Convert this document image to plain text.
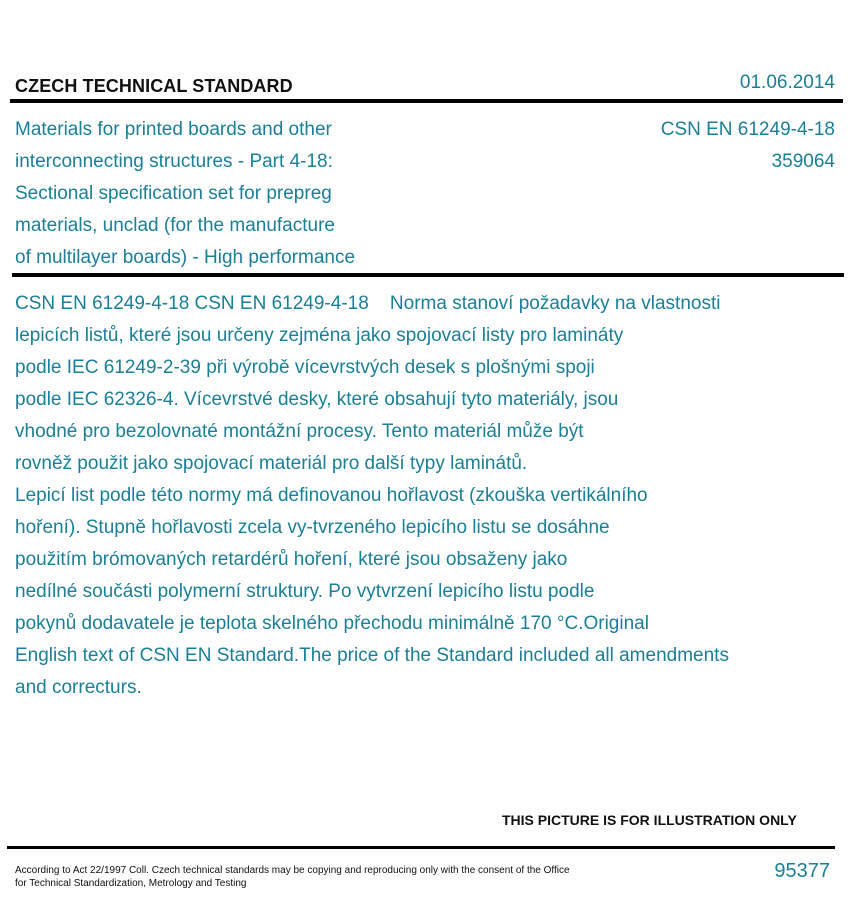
CZECH TECHNICAL STANDARD	01.06.2014
Materials for printed boards and other
interconnecting structures - Part 4-18:
Sectional specification set for prepreg
materials, unclad (for the manufacture
of multilayer boards) - High performance
CSN EN 61249-4-18
359064

CSN EN 61249-4-18 CSN EN 61249-4-18    Norma stanoví požadavky na vlastnosti

lepicích listů, které jsou určeny zejména jako spojovací listy pro lamináty

podle IEC 61249-2-39 při výrobě vícevrstvých desek s plošnými spoji

podle IEC 62326-4. Vícevrstvé desky, které obsahují tyto materiály, jsou

vhodné pro bezolovnaté montážní procesy. Tento materiál může být

rovněž použit jako spojovací materiál pro další typy laminátů.

Lepicí list podle této normy má definovanou hořlavost (zkouška vertikálního

hoření). Stupně hořlavosti zcela vy-tvrzeného lepicího listu se dosáhne

použitím brómovaných retardérů hoření, které jsou obsaženy jako

nedílné součásti polymerní struktury. Po vytvrzení lepicího listu podle

pokynů dodavatele je teplota skelného přechodu minimálně 170 °C.Original

English text of CSN EN Standard.The price of the Standard included all amendments

and correcturs.

THIS PICTURE IS FOR ILLUSTRATION ONLY
According to Act 22/1997 Coll. Czech technical standards may be copying and reproducing only with the consent of the Office
for Technical Standardization, Metrology and Testing
95377
